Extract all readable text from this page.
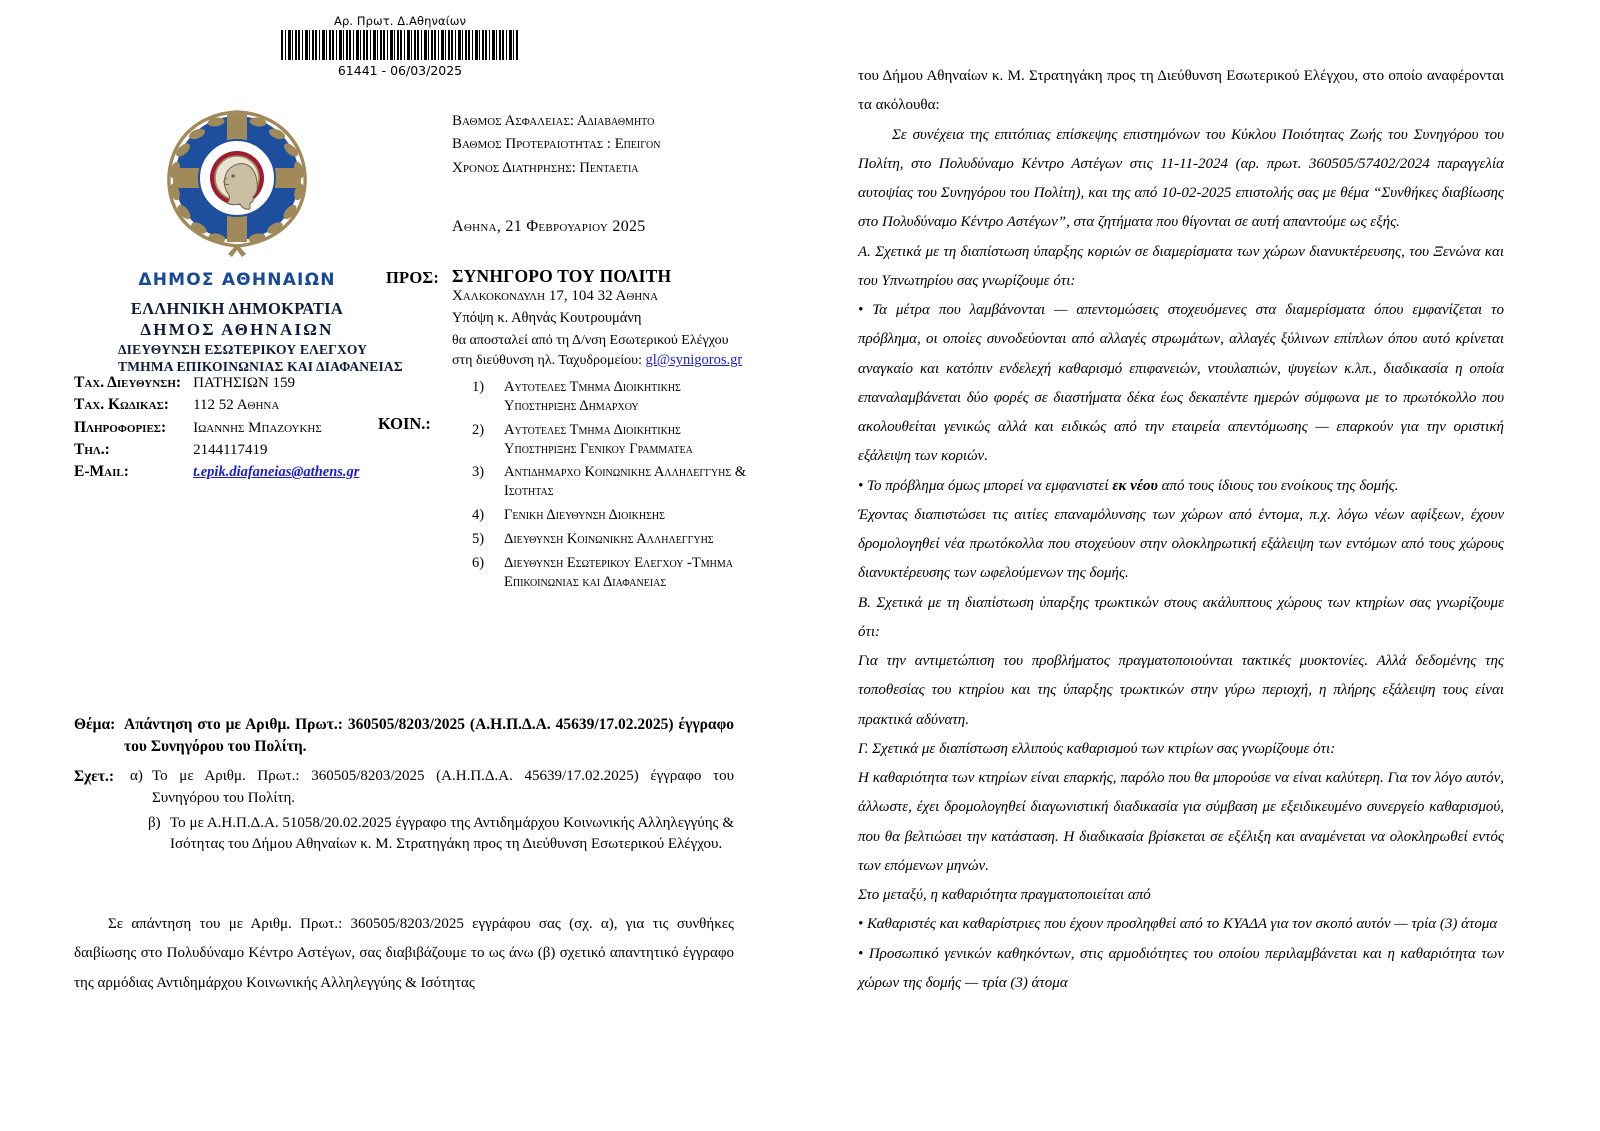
Αρ. Πρωτ. Δ.Αθηναίων
61441 - 06/03/2025
ΔΗΜΟΣ ΑΘΗΝΑΙΩΝ
ΕΛΛΗΝΙΚΗ ΔΗΜΟΚΡΑΤΙΑ
ΔΗΜΟΣ ΑΘΗΝΑΙΩΝ
ΔΙΕΥΘΥΝΣΗ ΕΣΩΤΕΡΙΚΟΥ ΕΛΕΓΧΟΥ
ΤΜΗΜΑ ΕΠΙΚΟΙΝΩΝΙΑΣ ΚΑΙ ΔΙΑΦΑΝΕΙΑΣ
Ταχ. Διευθυνση:	ΠΑΤΗΣΙΩΝ 159
Ταχ. Κωδικας:	112 52 Αθηνα
Πληροφοριες:	Ιωαννησ Μπαζουκησ
Τηλ.:	2144117419
E-Mail:	t.epik.diafaneias@athens.gr
Βαθμοσ Ασφαλειασ: Αδιαβαθμητο
Βαθμοσ Προτεραιοτητασ : Επειγον
Χρονοσ Διατηρησησ: Πενταετια
Αθηνα, 21 Φεβρουαριου 2025
ΠΡΟΣ: ΣΥΝΗΓΟΡΟ ΤΟΥ ΠΟΛΙΤΗ
Χαλκοκονδυλη 17, 104 32 Αθηνα
Υπόψη κ. Αθηνάς Κουτρουμάνη
θα αποσταλεί από τη Δ/νση Εσωτερικού Ελέγχου
στη διεύθυνση ηλ. Ταχυδρομείου: gl@synigoros.gr
ΚΟΙΝ.:
1) Αυτοτελεσ Τμημα Διοικητικησ Υποστηριξησ Δημαρχου
2) Αυτοτελεσ Τμημα Διοικητικησ Υποστηριξησ Γενικου Γραμματεα
3) Αντιδημαρχο Κοινωνικησ Αλληλεγγυησ & Ισοτητασ
4) Γενικη Διευθυνση Διοικησησ
5) Διευθυνση Κοινωνικησ Αλληλεγγυησ
6) Διευθυνση Εσωτερικου Ελεγχου -Τμημα Επικοινωνιασ και Διαφανειασ
Θέμα: Απάντηση στο με Αριθμ. Πρωτ.: 360505/8203/2025 (Α.Η.Π.Δ.Α. 45639/17.02.2025) έγγραφο του Συνηγόρου του Πολίτη.
Σχετ.: α) Το με Αριθμ. Πρωτ.: 360505/8203/2025 (Α.Η.Π.Δ.Α. 45639/17.02.2025) έγγραφο του Συνηγόρου του Πολίτη.
β) Το με Α.Η.Π.Δ.Α. 51058/20.02.2025 έγγραφο της Αντιδημάρχου Κοινωνικής Αλληλεγγύης & Ισότητας του Δήμου Αθηναίων κ. Μ. Στρατηγάκη προς τη Διεύθυνση Εσωτερικού Ελέγχου.
Σε απάντηση του με Αριθμ. Πρωτ.: 360505/8203/2025 εγγράφου σας (σχ. α), για τις συνθήκες δαιβίωσης στο Πολυδύναμο Κέντρο Αστέγων, σας διαβιβάζουμε το ως άνω (β) σχετικό απαντητικό έγγραφο της αρμόδιας Αντιδημάρχου Κοινωνικής Αλληλεγγύης & Ισότητας

του Δήμου Αθηναίων κ. Μ. Στρατηγάκη προς τη Διεύθυνση Εσωτερικού Ελέγχου, στο οποίο αναφέρονται τα ακόλουθα:

Σε συνέχεια της επιτόπιας επίσκεψης επιστημόνων του Κύκλου Ποιότητας Ζωής του Συνηγόρου του Πολίτη, στο Πολυδύναμο Κέντρο Αστέγων στις 11-11-2024 (αρ. πρωτ. 360505/57402/2024 παραγγελία αυτοψίας του Συνηγόρου του Πολίτη), και της από 10-02-2025 επιστολής σας με θέμα “Συνθήκες διαβίωσης στο Πολυδύναμο Κέντρο Αστέγων”, στα ζητήματα που θίγονται σε αυτή απαντούμε ως εξής.

Α. Σχετικά με τη διαπίστωση ύπαρξης κοριών σε διαμερίσματα των χώρων διανυκτέρευσης, του Ξενώνα και του Υπνωτηρίου σας γνωρίζουμε ότι:

• Τα μέτρα που λαμβάνονται — απεντομώσεις στοχευόμενες στα διαμερίσματα όπου εμφανίζεται το πρόβλημα, οι οποίες συνοδεύονται από αλλαγές στρωμάτων, αλλαγές ξύλινων επίπλων όπου αυτό κρίνεται αναγκαίο και κατόπιν ενδελεχή καθαρισμό επιφανειών, ντουλαπιών, ψυγείων κ.λπ., διαδικασία η οποία επαναλαμβάνεται δύο φορές σε διαστήματα δέκα έως δεκαπέντε ημερών σύμφωνα με το πρωτόκολλο που ακολουθείται γενικώς αλλά και ειδικώς από την εταιρεία απεντόμωσης — επαρκούν για την οριστική εξάλειψη των κοριών.

• Το πρόβλημα όμως μπορεί να εμφανιστεί εκ νέου από τους ίδιους του ενοίκους της δομής.

Έχοντας διαπιστώσει τις αιτίες επαναμόλυνσης των χώρων από έντομα, π.χ. λόγω νέων αφίξεων, έχουν δρομολογηθεί νέα πρωτόκολλα που στοχεύουν στην ολοκληρωτική εξάλειψη των εντόμων από τους χώρους διανυκτέρευσης των ωφελούμενων της δομής.

Β. Σχετικά με τη διαπίστωση ύπαρξης τρωκτικών στους ακάλυπτους χώρους των κτηρίων σας γνωρίζουμε ότι:

Για την αντιμετώπιση του προβλήματος πραγματοποιούνται τακτικές μυοκτονίες. Αλλά δεδομένης της τοποθεσίας του κτηρίου και της ύπαρξης τρωκτικών στην γύρω περιοχή, η πλήρης εξάλειψη τους είναι πρακτικά αδύνατη.

Γ. Σχετικά με διαπίστωση ελλιπούς καθαρισμού των κτιρίων σας γνωρίζουμε ότι:

Η καθαριότητα των κτηρίων είναι επαρκής, παρόλο που θα μπορούσε να είναι καλύτερη. Για τον λόγο αυτόν, άλλωστε, έχει δρομολογηθεί διαγωνιστική διαδικασία για σύμβαση με εξειδικευμένο συνεργείο καθαρισμού, που θα βελτιώσει την κατάσταση. Η διαδικασία βρίσκεται σε εξέλιξη και αναμένεται να ολοκληρωθεί εντός των επόμενων μηνών.

Στο μεταξύ, η καθαριότητα πραγματοποιείται από

• Καθαριστές και καθαρίστριες που έχουν προσληφθεί από το ΚΥΑΔΑ για τον σκοπό αυτόν — τρία (3) άτομα

• Προσωπικό γενικών καθηκόντων, στις αρμοδιότητες του οποίου περιλαμβάνεται και η καθαριότητα των χώρων της δομής — τρία (3) άτομα
